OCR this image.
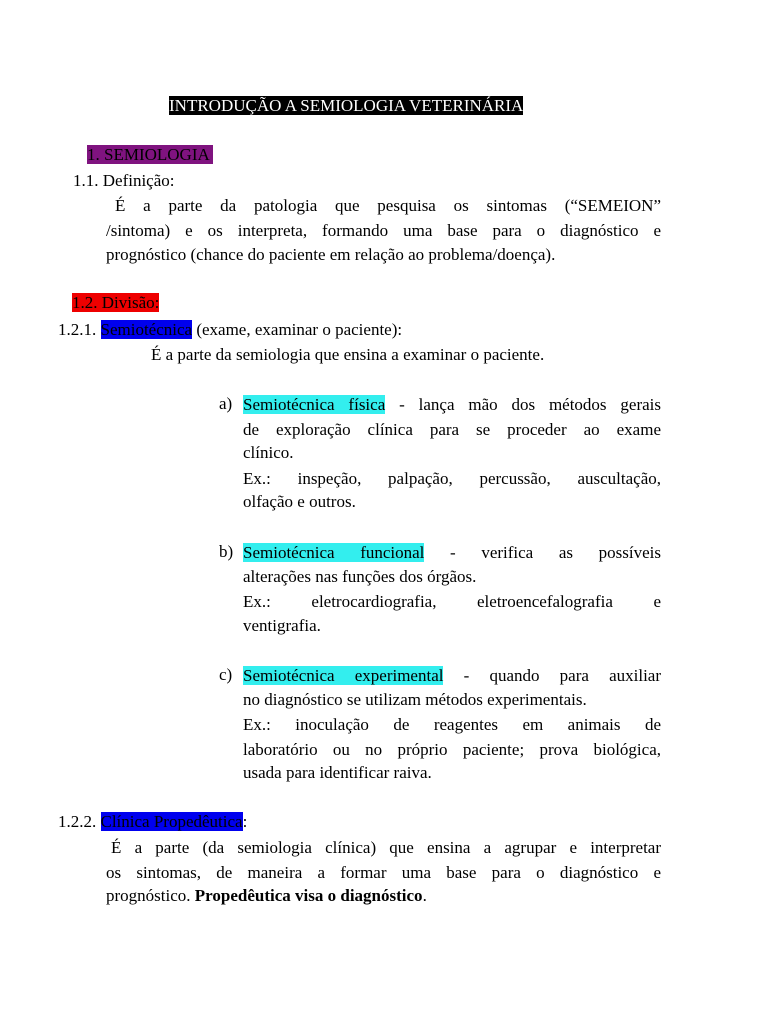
INTRODUÇÃO A SEMIOLOGIA VETERINÁRIA
1. SEMIOLOGIA
1.1. Definição:
É a parte da patologia que pesquisa os sintomas (“SEMEION”
/sintoma) e os interpreta, formando uma base para o diagnóstico e
prognóstico (chance do paciente em relação ao problema/doença).
1.2. Divisão:
1.2.1. Semiotécnica (exame, examinar o paciente):
É a parte da semiologia que ensina a examinar o paciente.
a) Semiotécnica física - lança mão dos métodos gerais
de exploração clínica para se proceder ao exame
clínico.
Ex.: inspeção, palpação, percussão, auscultação,
olfação e outros.
b) Semiotécnica funcional - verifica as possíveis
alterações nas funções dos órgãos.
Ex.: eletrocardiografia, eletroencefalografia e
ventigrafia.
c) Semiotécnica experimental - quando para auxiliar
no diagnóstico se utilizam métodos experimentais.
Ex.: inoculação de reagentes em animais de
laboratório ou no próprio paciente; prova biológica,
usada para identificar raiva.
1.2.2. Clínica Propedêutica:
É a parte (da semiologia clínica) que ensina a agrupar e interpretar
os sintomas, de maneira a formar uma base para o diagnóstico e
prognóstico. Propedêutica visa o diagnóstico.
